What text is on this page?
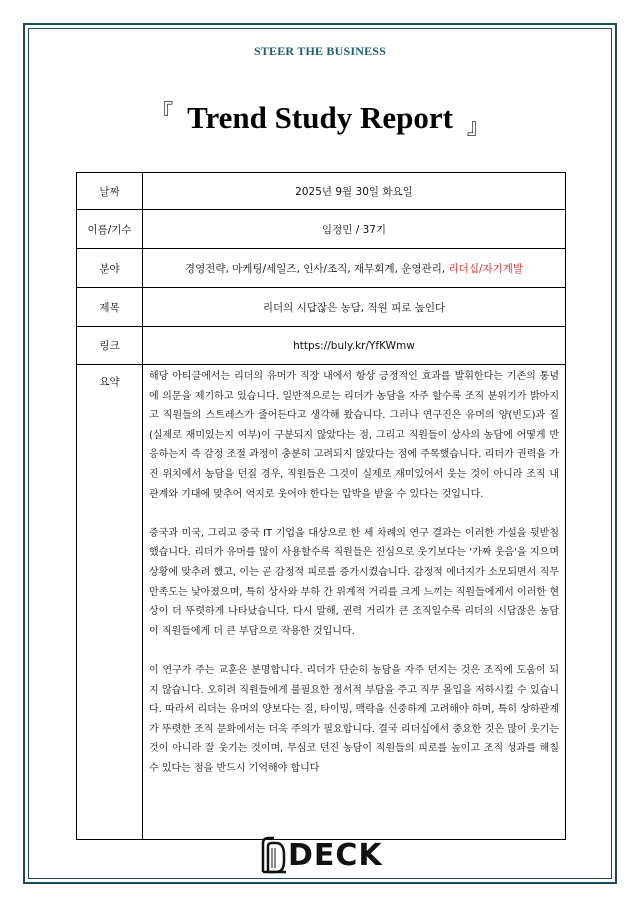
STEER THE BUSINESS
『 Trend Study Report 』
날짜	2025년 9월 30일 화요일
이름/기수	임정민 / 37기
분야	경영전략, 마케팅/세일즈, 인사/조직, 재무회계, 운영관리, 리더십/자기계발
제목	리더의 시답잖은 농담, 직원 피로 높인다
링크	https://buly.kr/YfKWmw
요약	해당 아티클에서는 리더의 유머가 직장 내에서 항상 긍정적인 효과를 발휘한다는 기존의 통념에 의문을 제기하고 있습니다. 일반적으로는 리더가 농담을 자주 할수록 조직 분위기가 밝아지고 직원들의 스트레스가 줄어든다고 생각해 왔습니다. 그러나 연구진은 유머의 양(빈도)과 질(실제로 재미있는지 여부)이 구분되지 않았다는 점, 그리고 직원들이 상사의 농담에 어떻게 반응하는지 즉 감정 조절 과정이 충분히 고려되지 않았다는 점에 주목했습니다. 리더가 권력을 가진 위치에서 농담을 던질 경우, 직원들은 그것이 실제로 재미있어서 웃는 것이 아니라 조직 내 관계와 기대에 맞추어 억지로 웃어야 한다는 압박을 받을 수 있다는 것입니다.

중국과 미국, 그리고 중국 IT 기업을 대상으로 한 세 차례의 연구 결과는 이러한 가설을 뒷받침했습니다. 리더가 유머를 많이 사용할수록 직원들은 진심으로 웃기보다는 '가짜 웃음'을 지으며 상황에 맞추려 했고, 이는 곧 감정적 피로를 증가시켰습니다. 감정적 에너지가 소모되면서 직무 만족도는 낮아졌으며, 특히 상사와 부하 간 위계적 거리를 크게 느끼는 직원들에게서 이러한 현상이 더 뚜렷하게 나타났습니다. 다시 말해, 권력 거리가 큰 조직일수록 리더의 시답잖은 농담이 직원들에게 더 큰 부담으로 작용한 것입니다.

이 연구가 주는 교훈은 분명합니다. 리더가 단순히 농담을 자주 던지는 것은 조직에 도움이 되지 않습니다. 오히려 직원들에게 불필요한 정서적 부담을 주고 직무 몰입을 저하시킬 수 있습니다. 따라서 리더는 유머의 양보다는 질, 타이밍, 맥락을 신중하게 고려해야 하며, 특히 상하관계가 뚜렷한 조직 문화에서는 더욱 주의가 필요합니다. 결국 리더십에서 중요한 것은 많이 웃기는 것이 아니라 잘 웃기는 것이며, 무심코 던진 농담이 직원들의 피로를 높이고 조직 성과를 해칠 수 있다는 점을 반드시 기억해야 합니다

DECK
